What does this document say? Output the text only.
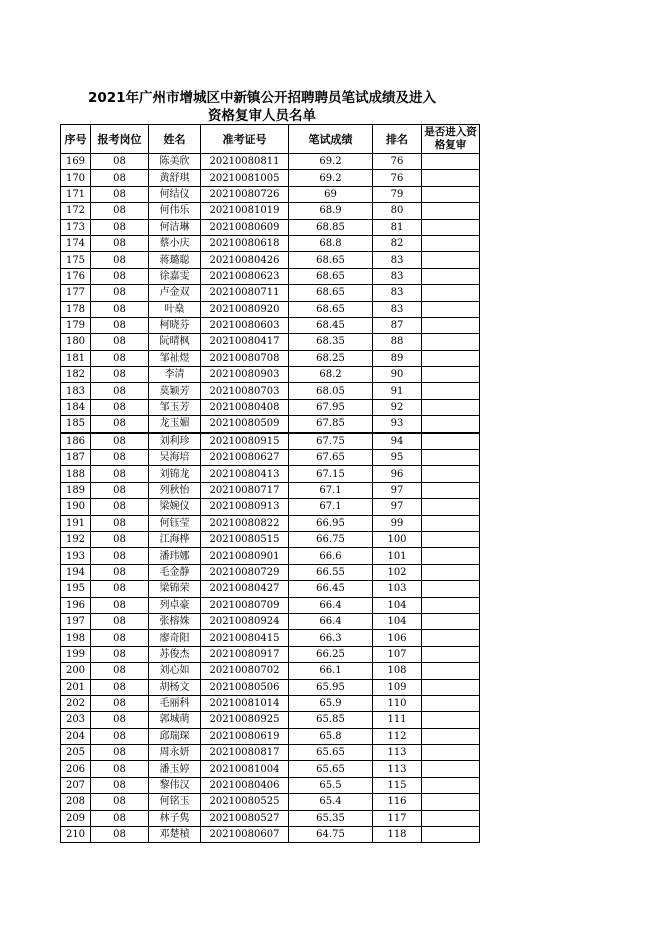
2021年广州市增城区中新镇公开招聘聘员笔试成绩及进入
资格复审人员名单
序号	报考岗位	姓名	准考证号	笔试成绩	排名	是否进入资格复审
169	08	陈美欣	20210080811	69.2	76	
170	08	黄舒琪	20210081005	69.2	76	
171	08	何结仪	20210080726	69	79	
172	08	何伟乐	20210081019	68.9	80	
173	08	何洁琳	20210080609	68.85	81	
174	08	蔡小庆	20210080618	68.8	82	
175	08	蒋璐聪	20210080426	68.65	83	
176	08	徐嘉雯	20210080623	68.65	83	
177	08	卢金双	20210080711	68.65	83	
178	08	叶燊	20210080920	68.65	83	
179	08	柯晓芬	20210080603	68.45	87	
180	08	阮晴枫	20210080417	68.35	88	
181	08	邹祉煜	20210080708	68.25	89	
182	08	李清	20210080903	68.2	90	
183	08	莫颖芳	20210080703	68.05	91	
184	08	邹玉芳	20210080408	67.95	92	
185	08	龙玉媚	20210080509	67.85	93	
186	08	刘利珍	20210080915	67.75	94	
187	08	吴海培	20210080627	67.65	95	
188	08	刘锦龙	20210080413	67.15	96	
189	08	列秋怡	20210080717	67.1	97	
190	08	梁婉仪	20210080913	67.1	97	
191	08	何钰莹	20210080822	66.95	99	
192	08	江海桦	20210080515	66.75	100	
193	08	潘玮娜	20210080901	66.6	101	
194	08	毛金静	20210080729	66.55	102	
195	08	梁锦荣	20210080427	66.45	103	
196	08	列卓豪	20210080709	66.4	104	
197	08	张榕姝	20210080924	66.4	104	
198	08	廖奇阳	20210080415	66.3	106	
199	08	苏俊杰	20210080917	66.25	107	
200	08	刘心如	20210080702	66.1	108	
201	08	胡杨文	20210080506	65.95	109	
202	08	毛丽科	20210081014	65.9	110	
203	08	郭城萌	20210080925	65.85	111	
204	08	邱瑞琛	20210080619	65.8	112	
205	08	周永妍	20210080817	65.65	113	
206	08	潘玉婷	20210081004	65.65	113	
207	08	黎伟汉	20210080406	65.5	115	
208	08	何铭玉	20210080525	65.4	116	
209	08	林子隽	20210080527	65.35	117	
210	08	邓楚楨	20210080607	64.75	118	
